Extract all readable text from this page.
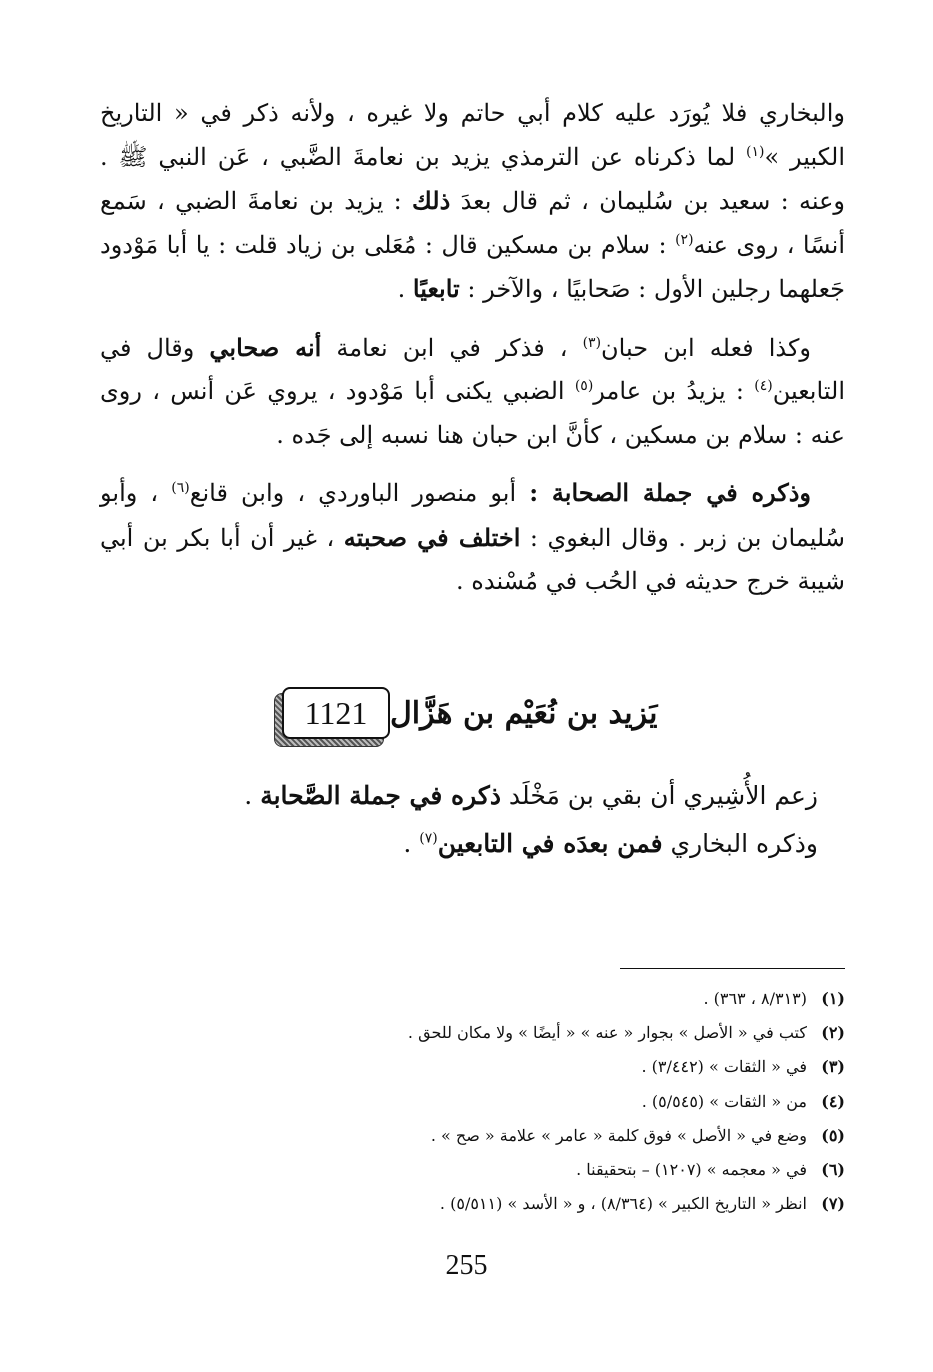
والبخاري فلا يُورَد عليه كلام أبي حاتم ولا غيره ، ولأنه ذكر في « التاريخ الكبير »$^{(١)}$ لما ذكرناه عن الترمذي يزيد بن نعامةَ الضَّبي ، عَن النبي ﷺ . وعنه : سعيد بن سُليمان ، ثم قال بعدَ ذلك : يزيد بن نعامةَ الضبي ، سَمع أنسًا ، روى عنه$^{(٢)}$ : سلام بن مسكين قال : مُعَلى بن زياد قلت : يا أبا مَوْدود جَعلهما رجلين الأول : صَحابيًا ، والآخر : تابعيًا .

وكذا فعله ابن حبان$^{(٣)}$ ، فذكر في ابن نعامة أنه صحابي وقال في التابعين$^{(٤)}$ : يزيدُ بن عامر$^{(٥)}$ الضبي يكنى أبا مَوْدود ، يروي عَن أنس ، روى عنه : سلام بن مسكين ، كأنَّ ابن حبان هنا نسبه إلى جَده .

وذكره في جملة الصحابة : أبو منصور الباوردي ، وابن قانع$^{(٦)}$ ، وأبو سُليمان بن زبر . وقال البغوي : اختلف في صحبته ، غير أن أبا بكر بن أبي شيبة خرج حديثه في الحُب في مُسْنده .

1121 يَزيد بن نُعَيْم بن هَزَّال

زعم الأُشِيري أن بقي بن مَخْلَد ذكره في جملة الصَّحابة .

وذكره البخاري فمن بعدَه في التابعين$^{(٧)}$ .

(١)
(٨/٣١٣ ، ٣٦٣) .
(٢)
كتب في « الأصل » بجوار « عنه » « أيضًا » ولا مكان للحق .
(٣)
في « الثقات » (٣/٤٤٢) .
(٤)
من « الثقات » (٥/٥٤٥) .
(٥)
وضع في « الأصل » فوق كلمة « عامر » علامة « صح » .
(٦)
في « معجمه » (١٢٠٧) – بتحقيقنا .
(٧)
انظر « التاريخ الكبير » (٨/٣٦٤) ، و « الأسد » (٥/٥١١) .
255
